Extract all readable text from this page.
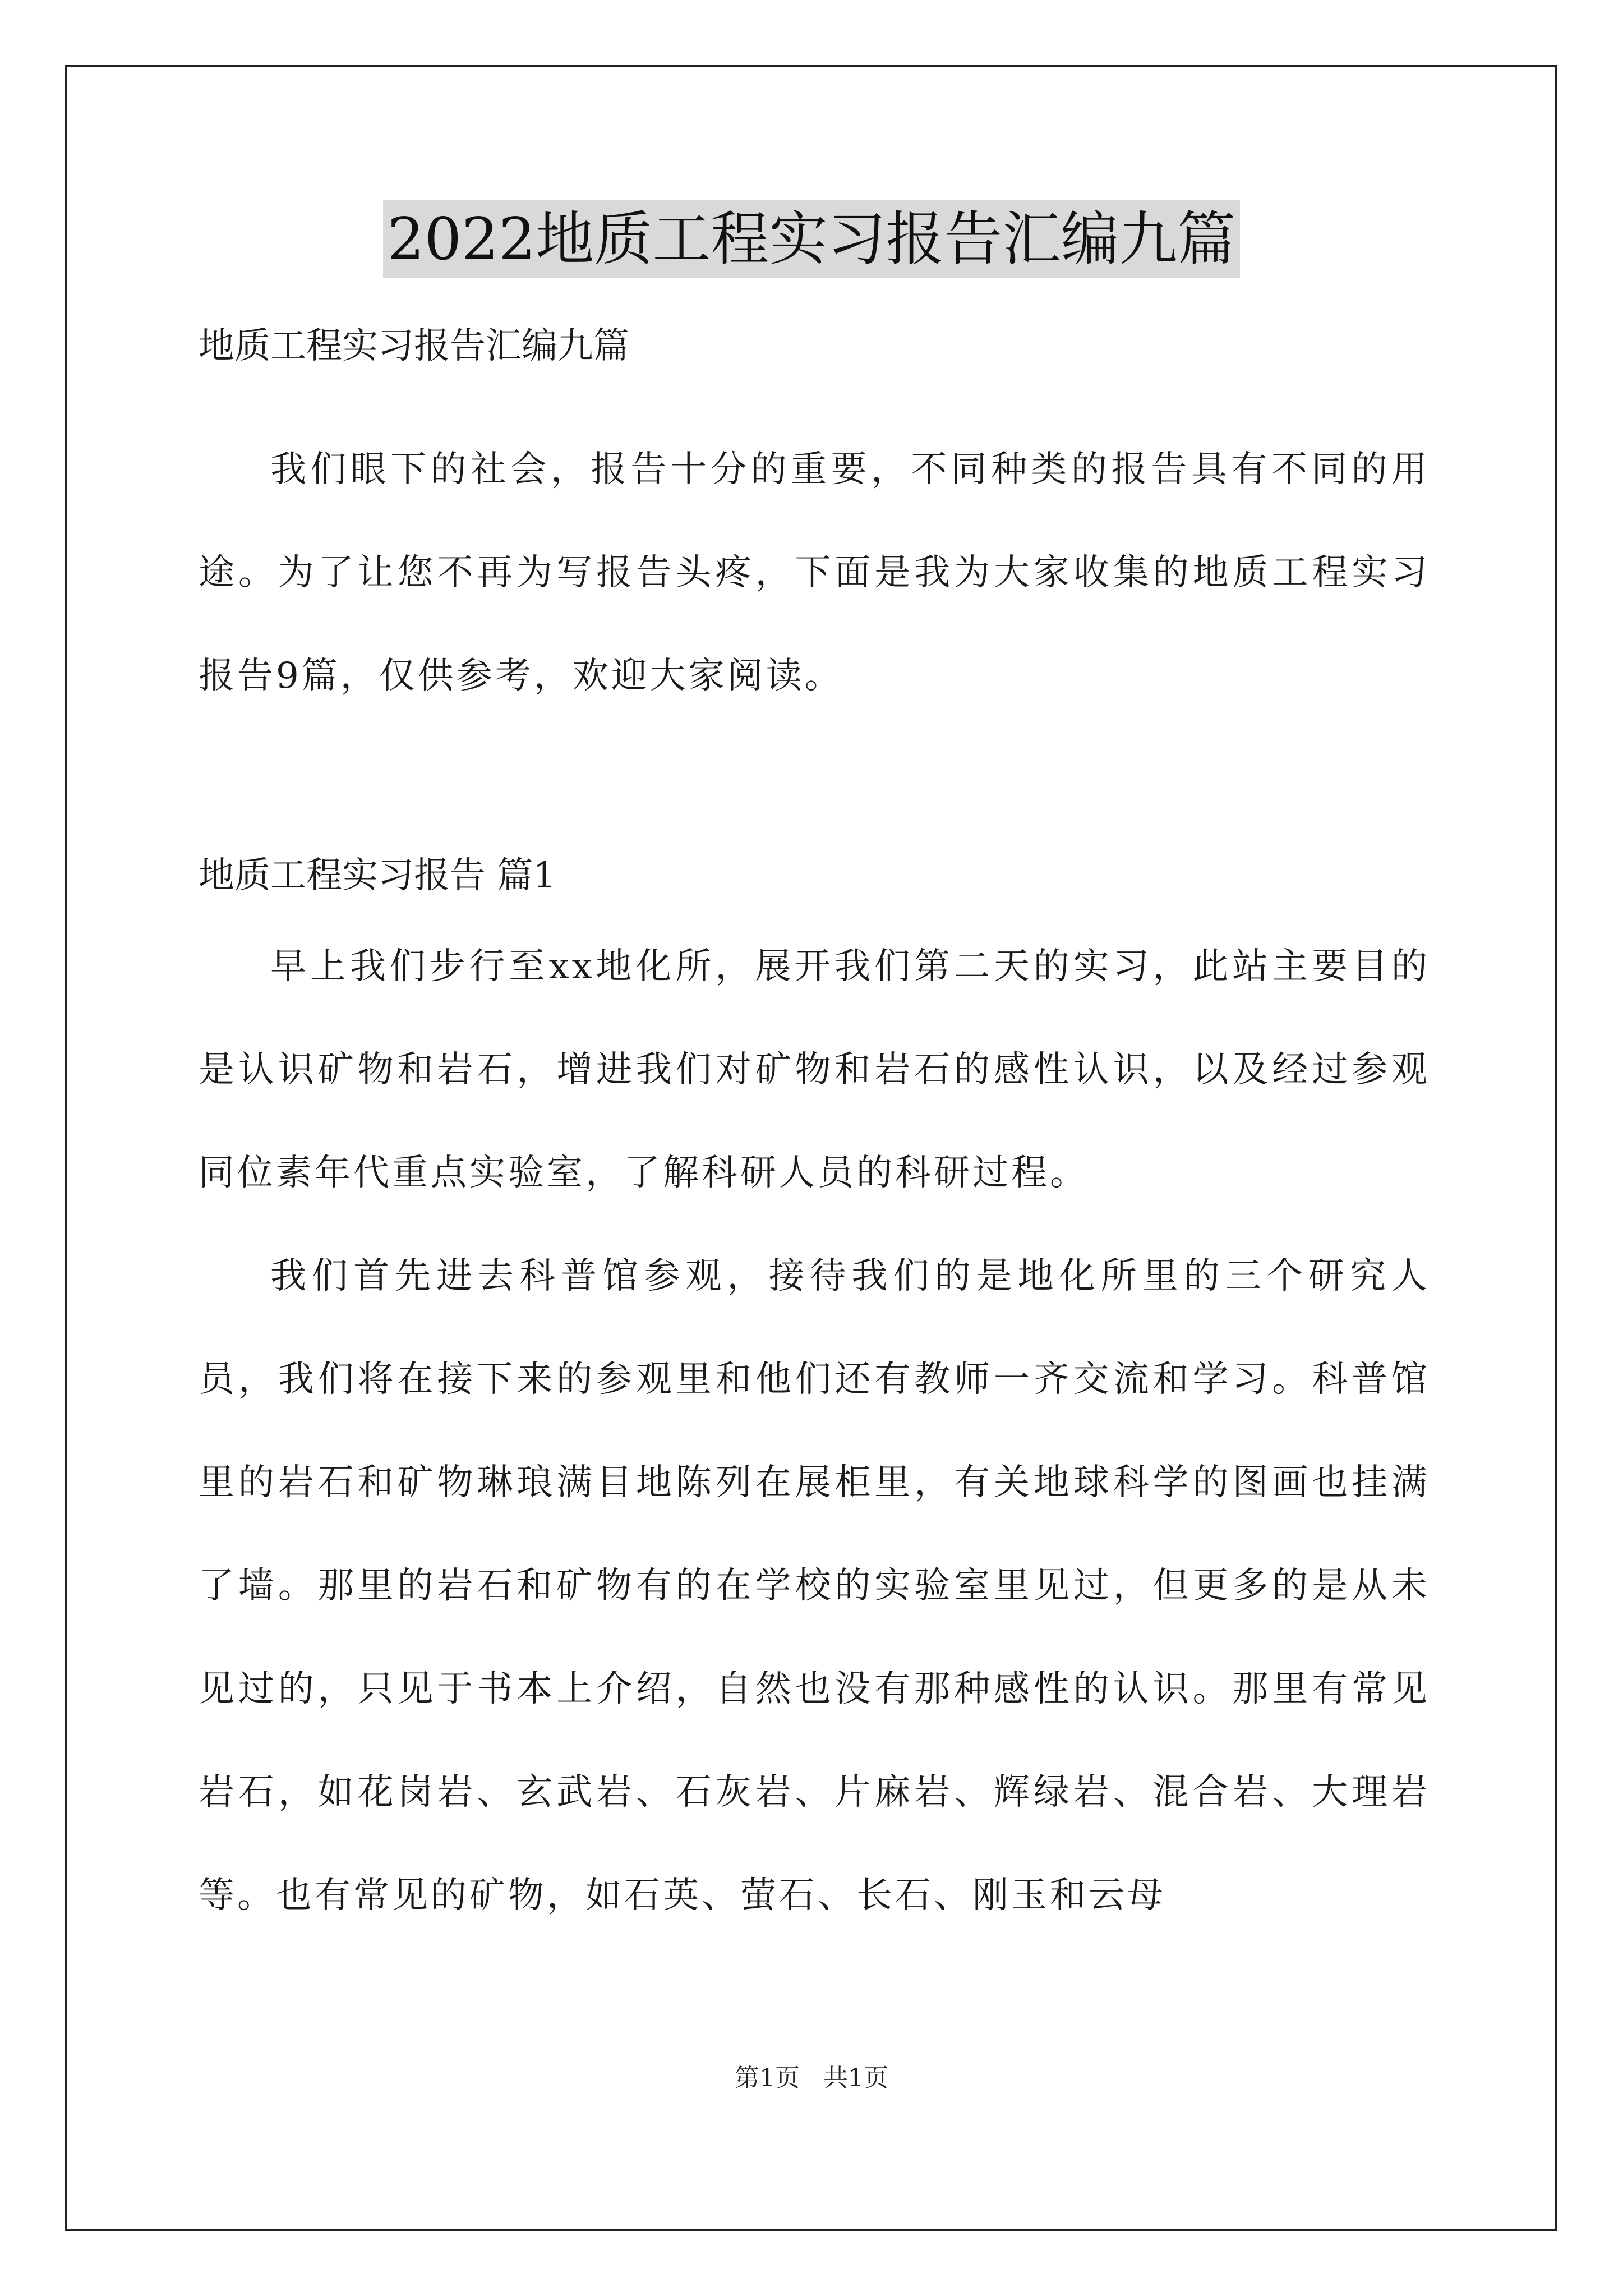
2022地质工程实习报告汇编九篇

地质工程实习报告汇编九篇

我们眼下的社会，报告十分的重要，不同种类的报告具有不同的用途。为了让您不再为写报告头疼，下面是我为大家收集的地质工程实习报告9篇，仅供参考，欢迎大家阅读。

地质工程实习报告 篇1

早上我们步行至xx地化所，展开我们第二天的实习，此站主要目的是认识矿物和岩石，增进我们对矿物和岩石的感性认识，以及经过参观同位素年代重点实验室，了解科研人员的科研过程。

我们首先进去科普馆参观，接待我们的是地化所里的三个研究人员，我们将在接下来的参观里和他们还有教师一齐交流和学习。科普馆里的岩石和矿物琳琅满目地陈列在展柜里，有关地球科学的图画也挂满了墙。那里的岩石和矿物有的在学校的实验室里见过，但更多的是从未见过的，只见于书本上介绍，自然也没有那种感性的认识。那里有常见岩石，如花岗岩、玄武岩、石灰岩、片麻岩、辉绿岩、混合岩、大理岩等。也有常见的矿物，如石英、萤石、长石、刚玉和云母

第1页   共1页
